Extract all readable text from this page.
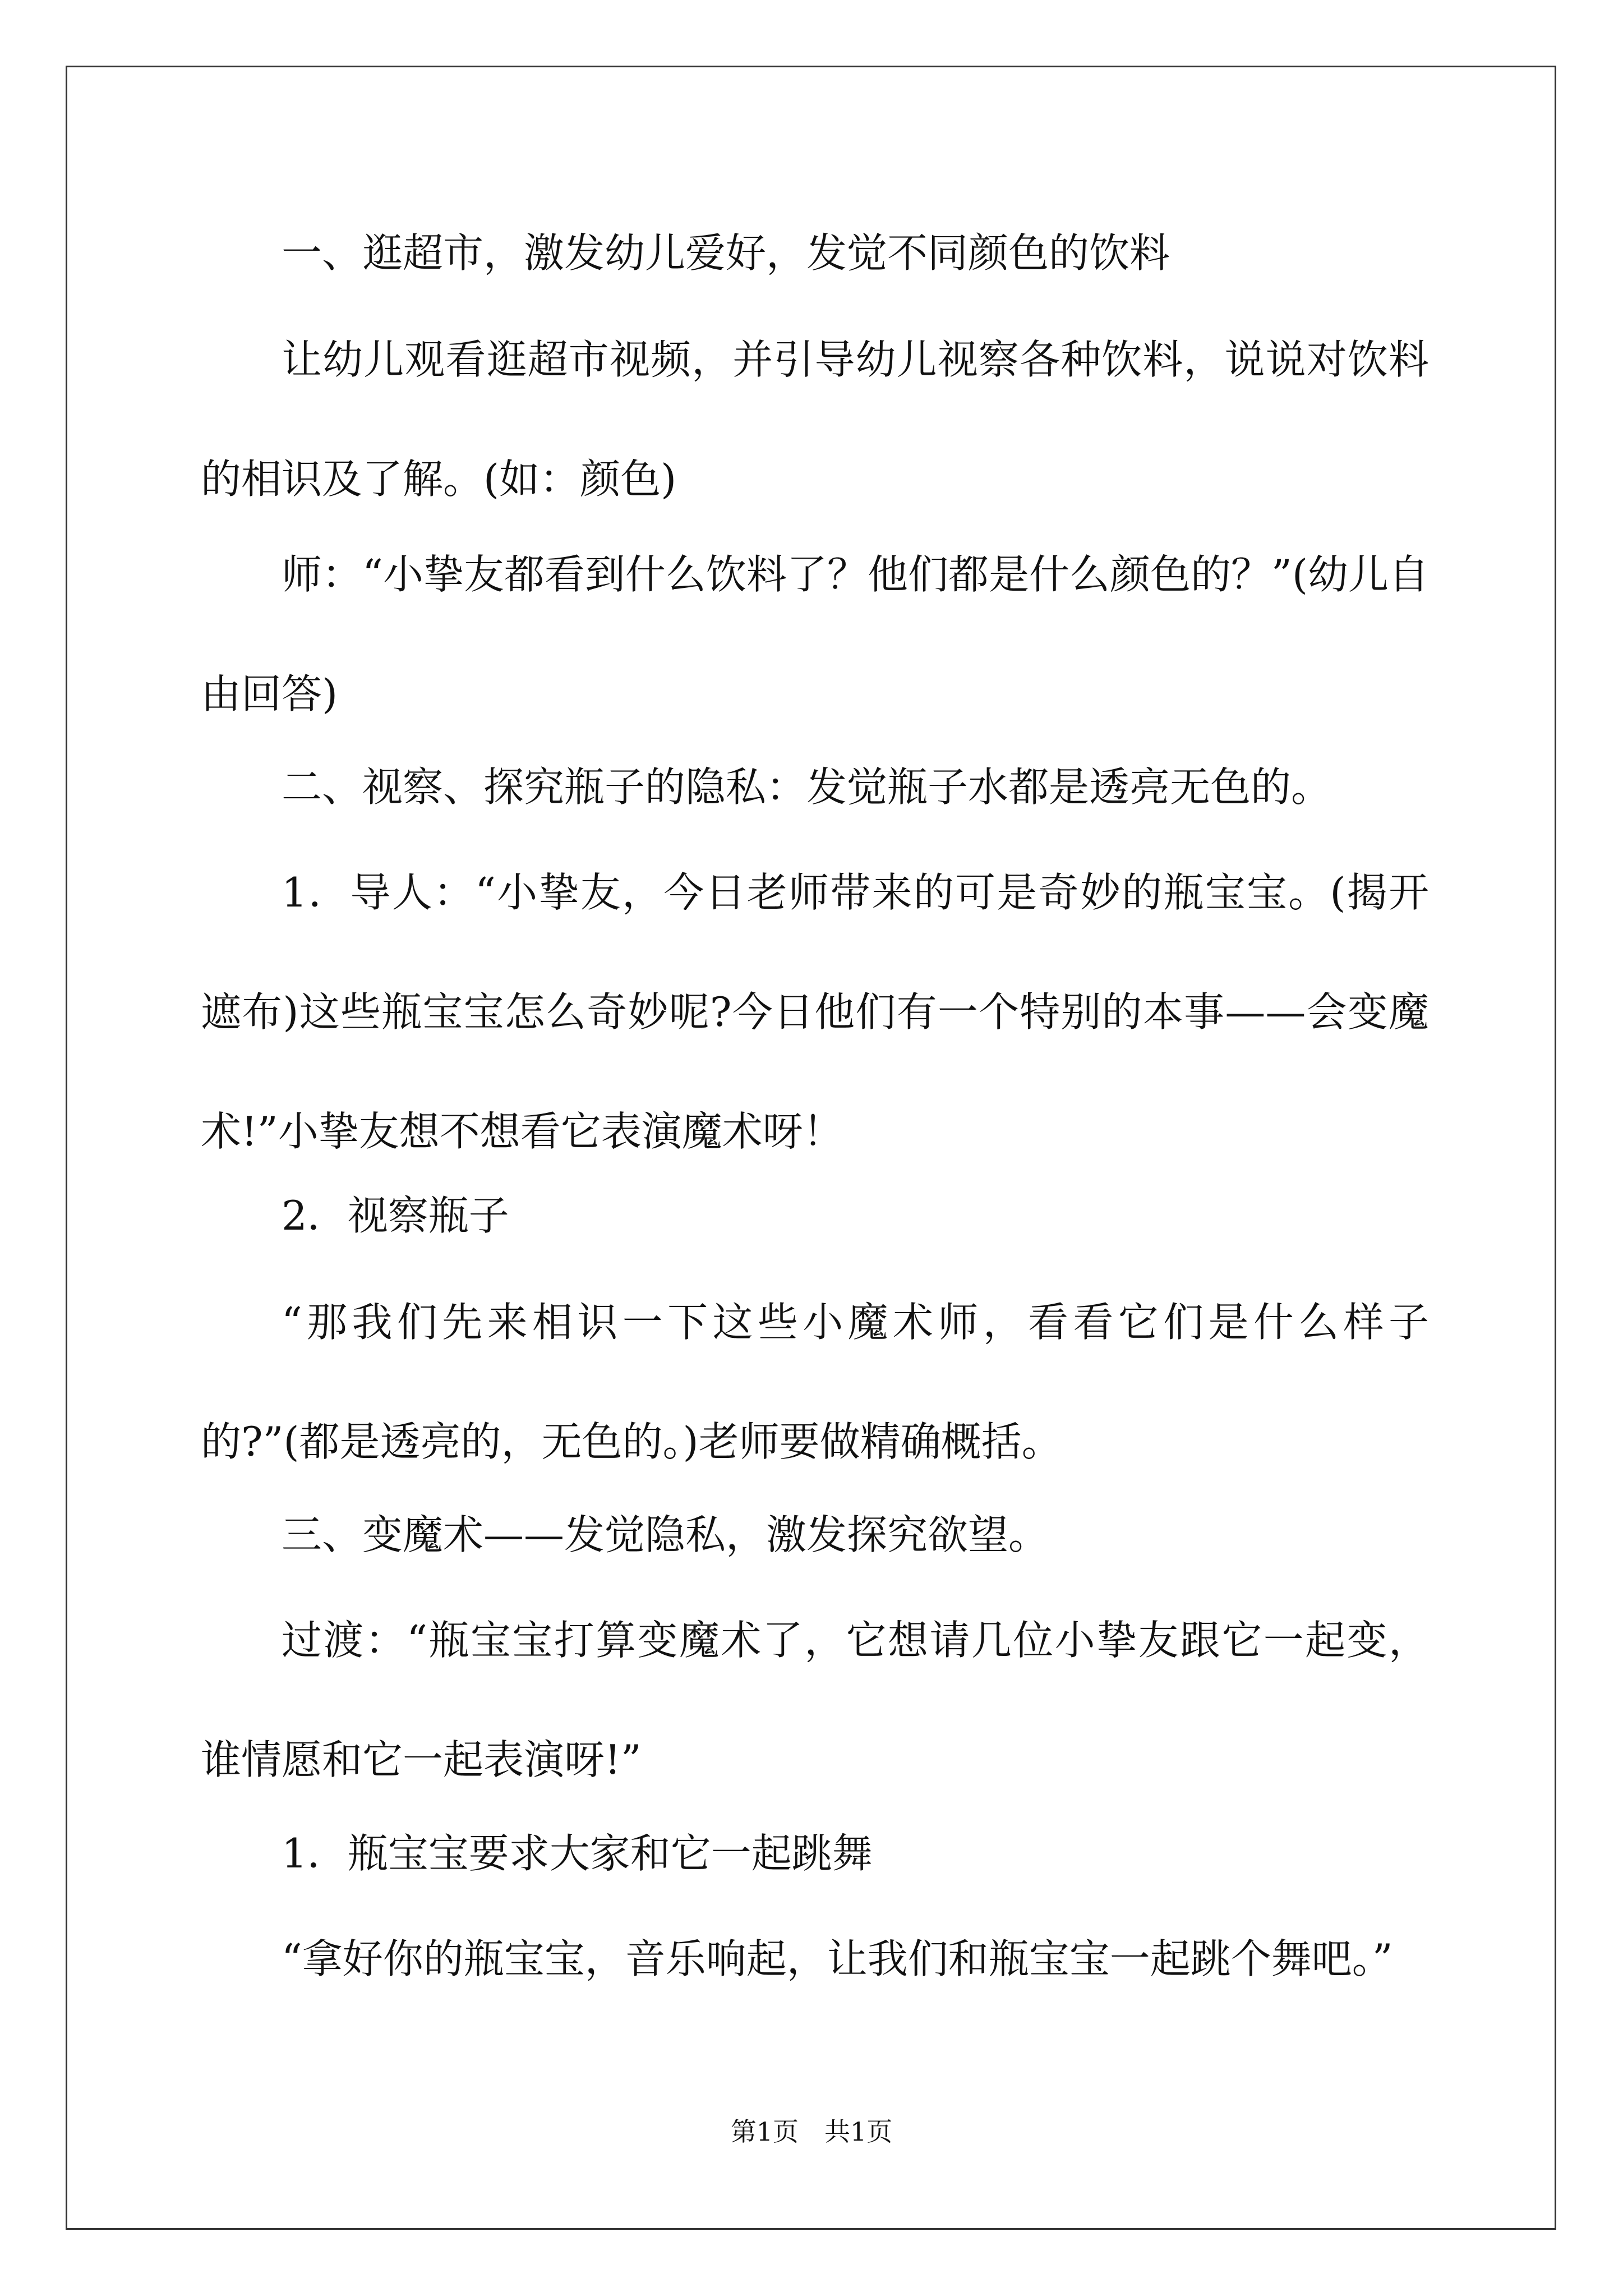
一、逛超市，激发幼儿爱好，发觉不同颜色的饮料
让幼儿观看逛超市视频，并引导幼儿视察各种饮料，说说对饮料的相识及了解。(如：颜色)
师：“小挚友都看到什么饮料了？他们都是什么颜色的？”(幼儿自由回答)
二、视察、探究瓶子的隐私：发觉瓶子水都是透亮无色的。
1．导人：“小挚友，今日老师带来的可是奇妙的瓶宝宝。(揭开遮布)这些瓶宝宝怎么奇妙呢?今日他们有一个特别的本事——会变魔术!”小挚友想不想看它表演魔术呀！
2．视察瓶子
“那我们先来相识一下这些小魔术师，看看它们是什么样子的?”(都是透亮的，无色的。)老师要做精确概括。
三、变魔术——发觉隐私，激发探究欲望。
过渡：“瓶宝宝打算变魔术了，它想请几位小挚友跟它一起变，谁情愿和它一起表演呀!”
1．瓶宝宝要求大家和它一起跳舞
“拿好你的瓶宝宝，音乐响起，让我们和瓶宝宝一起跳个舞吧。”
第1页　共1页
